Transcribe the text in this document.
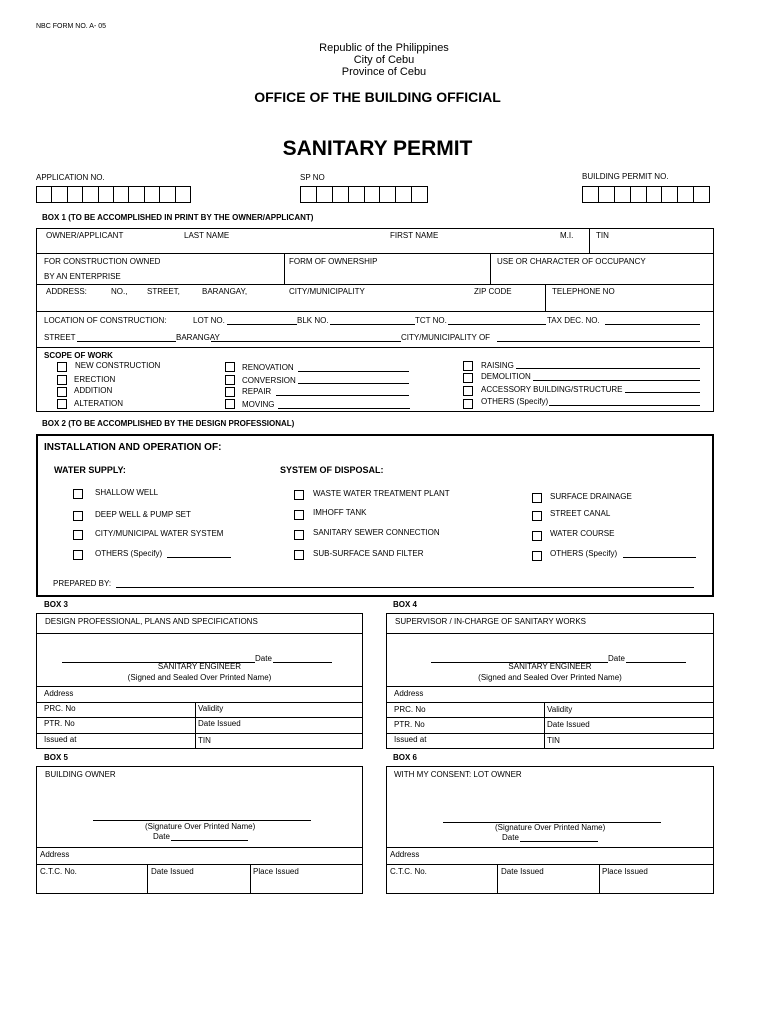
NBC FORM NO. A- 05
Republic of the Philippines
City of Cebu
Province of Cebu
OFFICE OF THE BUILDING OFFICIAL
SANITARY PERMIT
APPLICATION NO.	SP NO	BUILDING PERMIT NO.
BOX 1 (TO BE ACCOMPLISHED IN PRINT BY THE OWNER/APPLICANT)
OWNER/APPLICANT	LAST NAME	FIRST NAME	M.I.	TIN
FOR CONSTRUCTION OWNED
BY AN ENTERPRISE
FORM OF OWNERSHIP	USE OR CHARACTER OF OCCUPANCY
ADDRESS:	NO., STREET,	BARANGAY,	CITY/MUNICIPALITY	ZIP CODE	TELEPHONE NO
LOCATION OF CONSTRUCTION:	LOT NO.	BLK NO.	TCT NO.	TAX DEC. NO.
STREET	BARANGAY	CITY/MUNICIPALITY OF
SCOPE OF WORK
NEW CONSTRUCTION
ERECTION
ADDITION
ALTERATION
RENOVATION
CONVERSION
REPAIR
MOVING
RAISING
DEMOLITION
ACCESSORY BUILDING/STRUCTURE
OTHERS (Specify)
BOX 2 (TO BE ACCOMPLISHED BY THE DESIGN PROFESSIONAL)
INSTALLATION AND OPERATION OF:
WATER SUPPLY:	SYSTEM OF DISPOSAL:
SHALLOW WELL
DEEP WELL & PUMP SET
CITY/MUNICIPAL WATER SYSTEM
OTHERS (Specify)
WASTE WATER TREATMENT PLANT
IMHOFF TANK
SANITARY SEWER CONNECTION
SUB-SURFACE SAND FILTER
SURFACE DRAINAGE
STREET CANAL
WATER COURSE
OTHERS (Specify)
PREPARED BY:
BOX 3
DESIGN PROFESSIONAL, PLANS AND SPECIFICATIONS
Date
SANITARY ENGINEER
(Signed and Sealed Over Printed Name)
Address
PRC. No	Validity
PTR. No	Date Issued
Issued at	TIN
BOX 4
SUPERVISOR / IN-CHARGE OF SANITARY WORKS
Date
SANITARY ENGINEER
(Signed and Sealed Over Printed Name)
Address
PRC. No	Validity
PTR. No	Date Issued
Issued at	TIN
BOX 5
BUILDING OWNER
(Signature Over Printed Name)
Date
Address
C.T.C. No.	Date Issued	Place Issued
BOX 6
WITH MY CONSENT: LOT OWNER
(Signature Over Printed Name)
Date
Address
C.T.C. No.	Date Issued	Place Issued
